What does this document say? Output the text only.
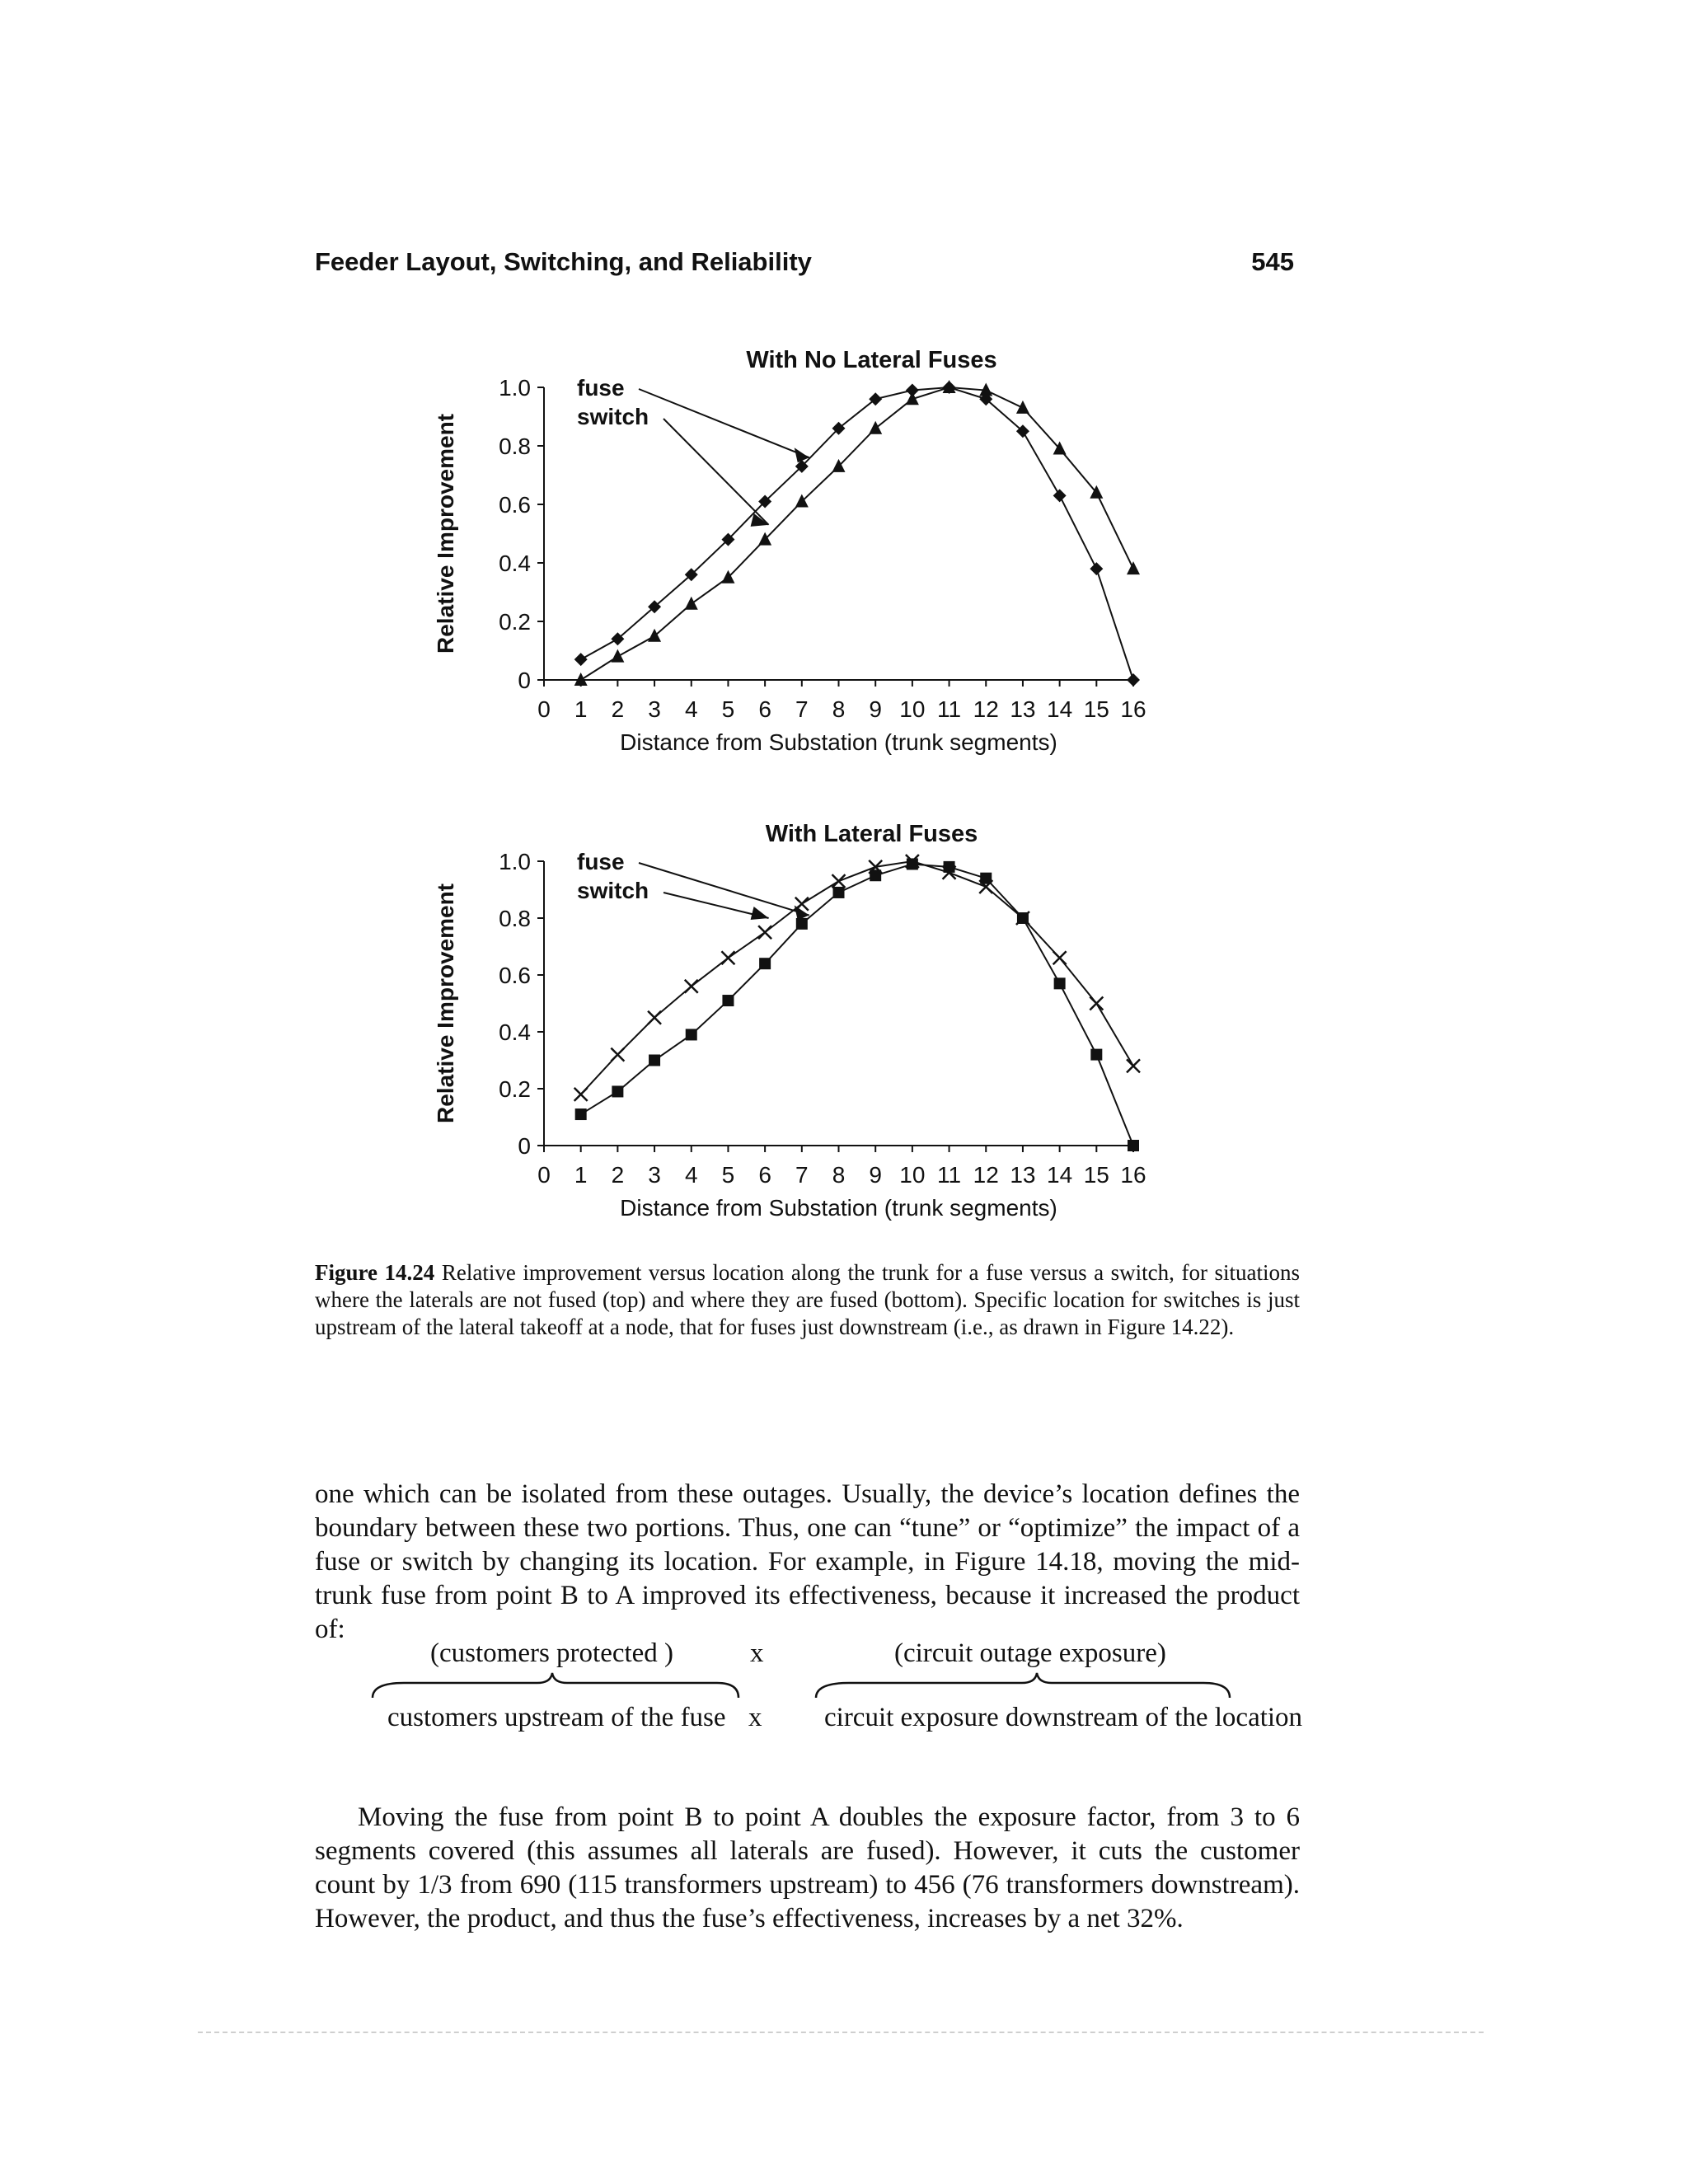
Feeder Layout, Switching, and Reliability	545
With No Lateral Fuses
0
0.2
0.4
0.6
0.8
1.0
0 1 2 3 4 5 6 7 8 9 10 11 12 13 14 15 16
Distance from Substation (trunk segments)
Relative Improvement
fuse
switch
With Lateral Fuses
0
0.2
0.4
0.6
0.8
1.0
0 1 2 3 4 5 6 7 8 9 10 11 12 13 14 15 16
Distance from Substation (trunk segments)
Relative Improvement
fuse
switch
Figure 14.24 Relative improvement versus location along the trunk for a fuse versus a switch, for situations where the laterals are not fused (top) and where they are fused (bottom). Specific location for switches is just upstream of the lateral takeoff at a node, that for fuses just downstream (i.e., as drawn in Figure 14.22).
one which can be isolated from these outages. Usually, the device’s location defines the boundary between these two portions. Thus, one can “tune” or “optimize” the impact of a fuse or switch by changing its location. For example, in Figure 14.18, moving the mid-trunk fuse from point B to A improved its effectiveness, because it increased the product of:
(customers protected )	x	(circuit outage exposure)
customers upstream of the fuse x circuit exposure downstream of the location
Moving the fuse from point B to point A doubles the exposure factor, from 3 to 6 segments covered (this assumes all laterals are fused). However, it cuts the customer count by 1/3 from 690 (115 transformers upstream) to 456 (76 transformers downstream). However, the product, and thus the fuse’s effectiveness, increases by a net 32%.
